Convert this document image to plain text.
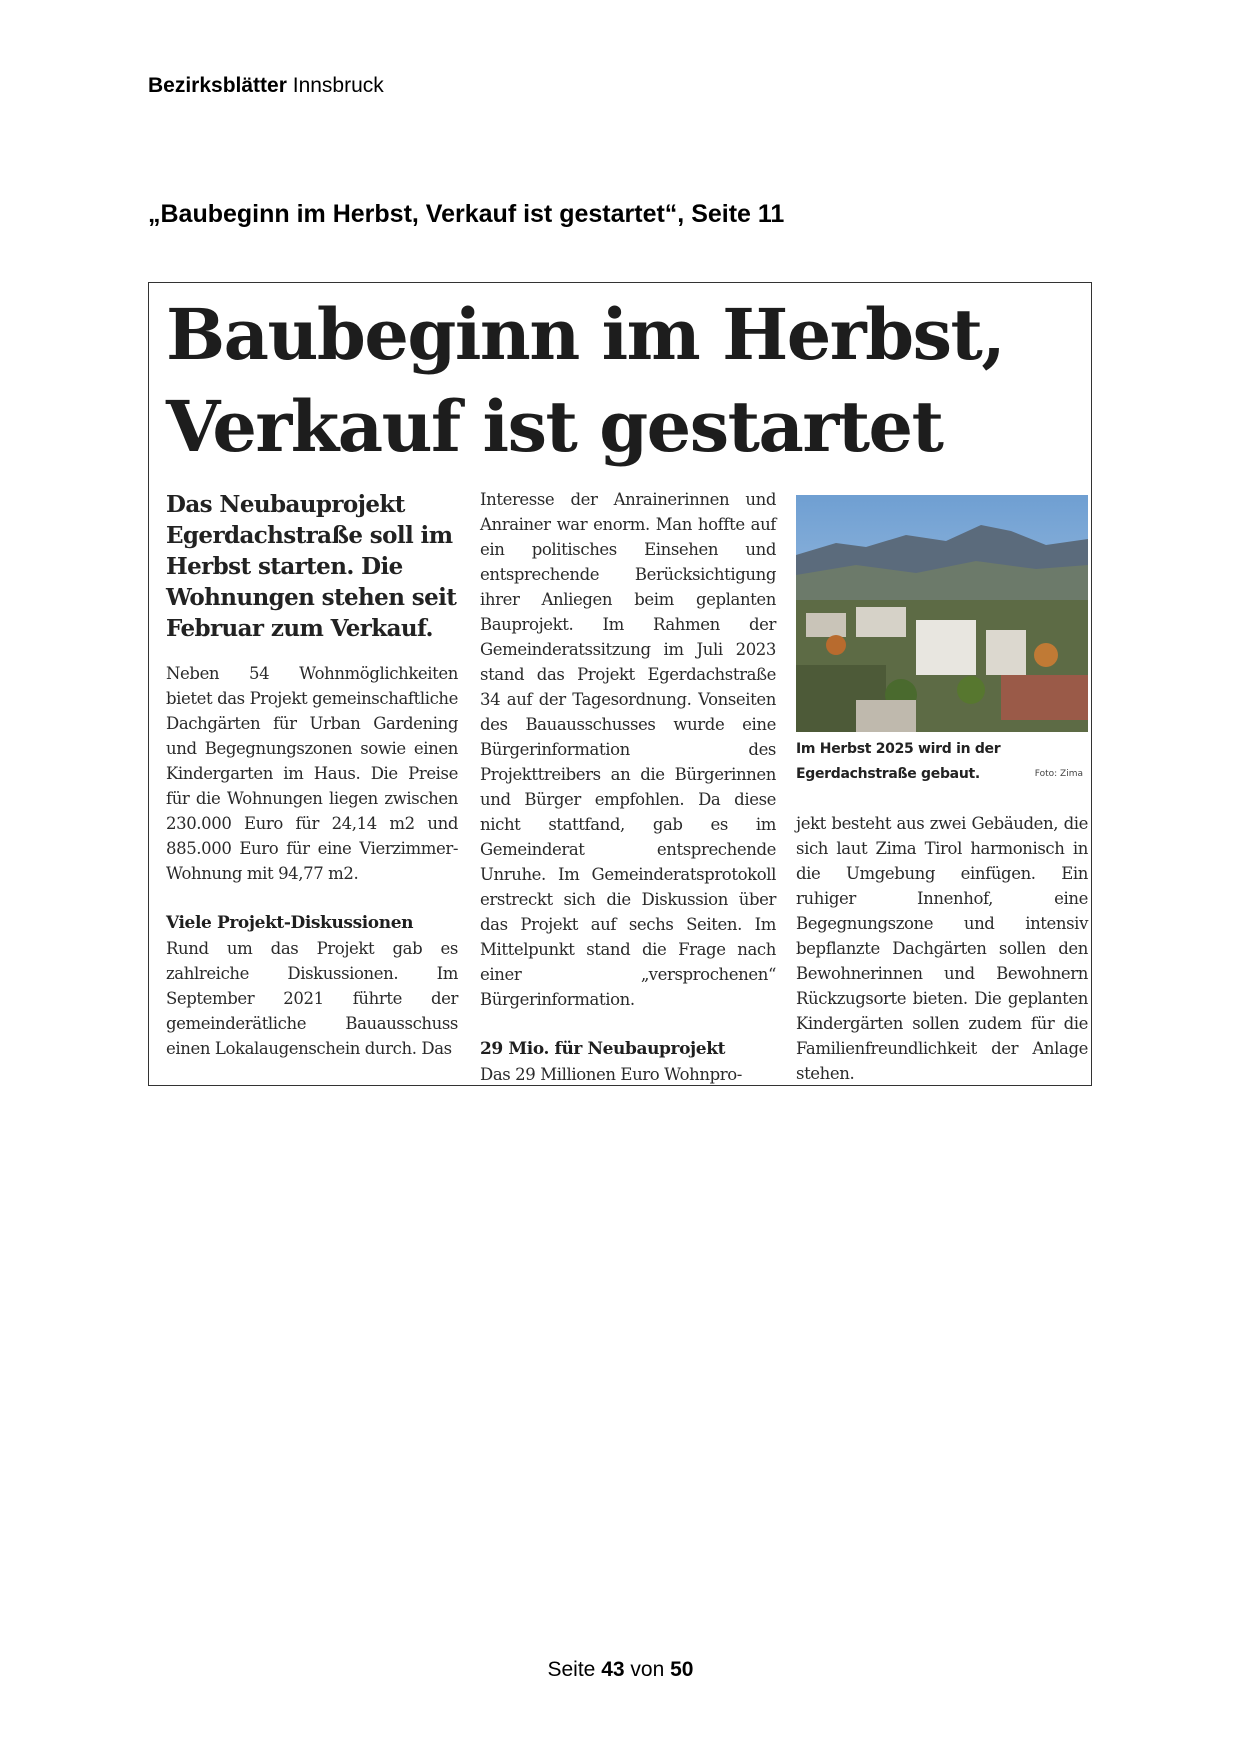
Bezirksblätter Innsbruck
„Baubeginn im Herbst, Verkauf ist gestartet“, Seite 11
Baubeginn im Herbst,
Verkauf ist gestartet
Das Neubauprojekt Egerdachstraße soll im Herbst starten. Die Wohnungen stehen seit Februar zum Verkauf.

Neben 54 Wohnmöglichkeiten bietet das Projekt gemeinschaftliche Dachgärten für Urban Gardening und Begegnungszonen sowie einen Kindergarten im Haus. Die Preise für die Wohnungen liegen zwischen 230.000 Euro für 24,14 m2 und 885.000 Euro für eine Vierzimmer-Wohnung mit 94,77 m2.

Viele Projekt-Diskussionen

Rund um das Projekt gab es zahlreiche Diskussionen. Im September 2021 führte der gemeinderätliche Bauausschuss einen Lokalaugenschein durch. Das

Interesse der Anrainerinnen und Anrainer war enorm. Man hoffte auf ein politisches Einsehen und entsprechende Berücksichtigung ihrer Anliegen beim geplanten Bauprojekt. Im Rahmen der Gemeinderatssitzung im Juli 2023 stand das Projekt Egerdachstraße 34 auf der Tagesordnung. Vonseiten des Bauausschusses wurde eine Bürgerinformation des Projekttreibers an die Bürgerinnen und Bürger empfohlen. Da diese nicht stattfand, gab es im Gemeinderat entsprechende Unruhe. Im Gemeinderatsprotokoll erstreckt sich die Diskussion über das Projekt auf sechs Seiten. Im Mittelpunkt stand die Frage nach einer „versprochenen“ Bürgerinformation.

29 Mio. für Neubauprojekt

Das 29 Millionen Euro Wohnpro-

Im Herbst 2025 wird in der Egerdachstraße gebaut.	Foto: Zima

jekt besteht aus zwei Gebäuden, die sich laut Zima Tirol harmonisch in die Umgebung einfügen. Ein ruhiger Innenhof, eine Begegnungszone und intensiv bepflanzte Dachgärten sollen den Bewohnerinnen und Bewohnern Rückzugsorte bieten. Die geplanten Kindergärten sollen zudem für die Familienfreundlichkeit der Anlage stehen.

Seite 43 von 50
